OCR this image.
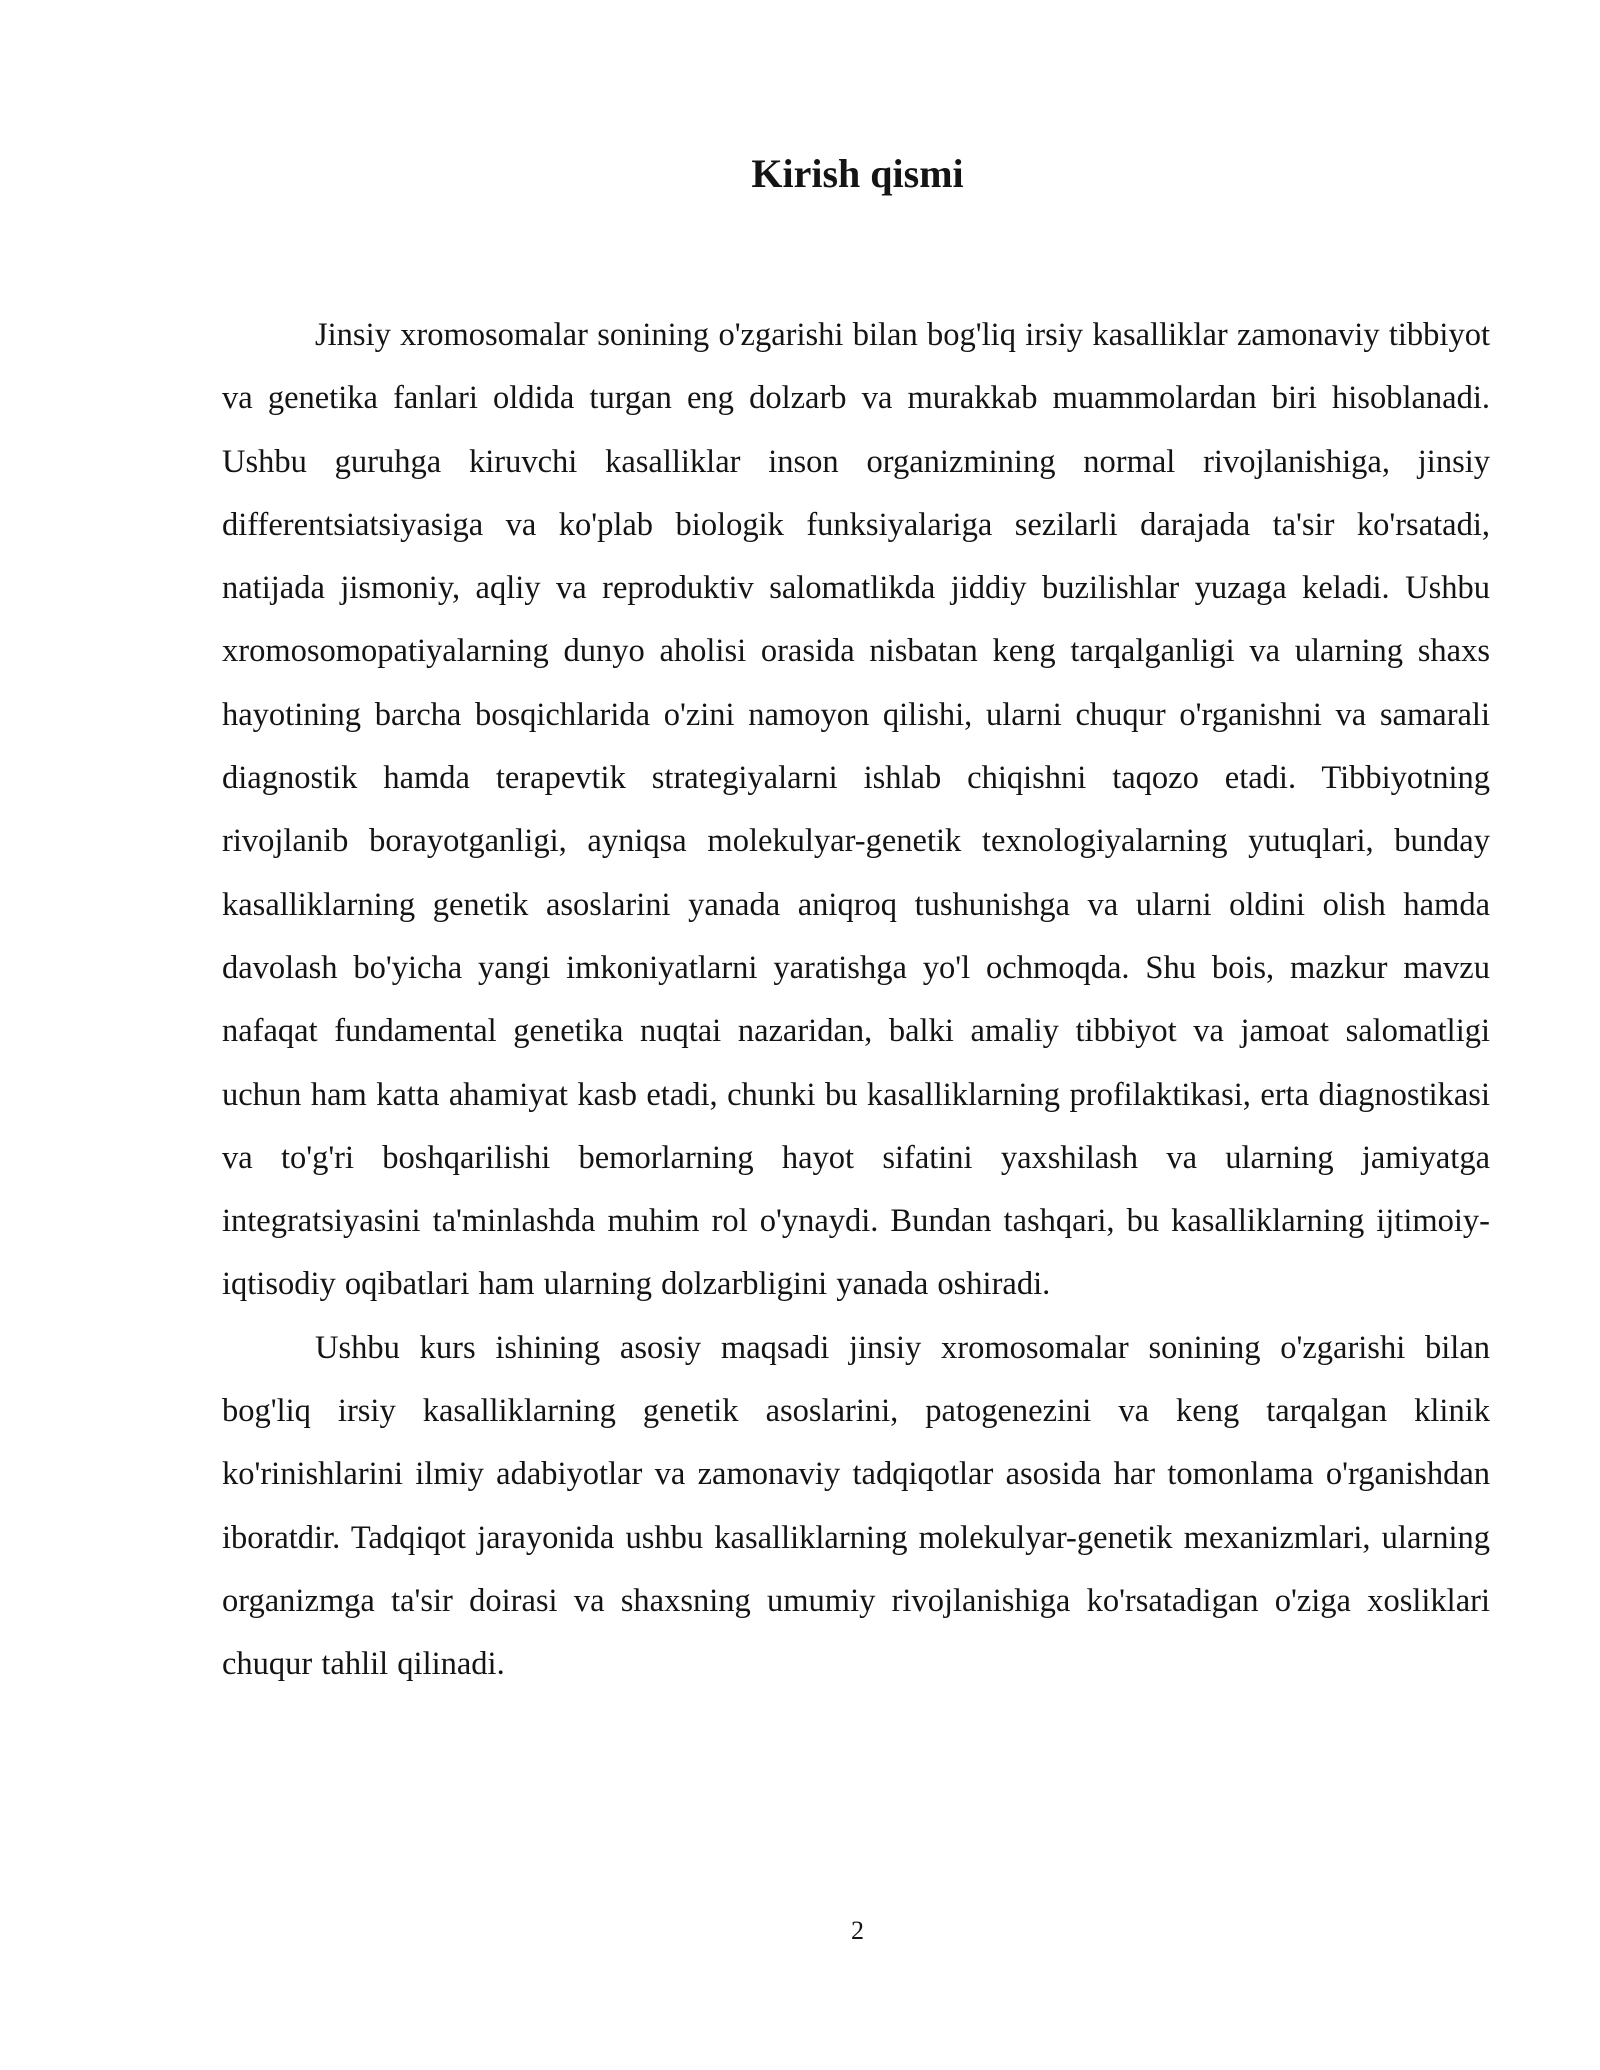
Kirish qismi

Jinsiy xromosomalar sonining o'zgarishi bilan bog'liq irsiy kasalliklar zamonaviy tibbiyot va genetika fanlari oldida turgan eng dolzarb va murakkab muammolardan biri hisoblanadi. Ushbu guruhga kiruvchi kasalliklar inson organizmining normal rivojlanishiga, jinsiy differentsiatsiyasiga va ko'plab biologik funksiyalariga sezilarli darajada ta'sir ko'rsatadi, natijada jismoniy, aqliy va reproduktiv salomatlikda jiddiy buzilishlar yuzaga keladi. Ushbu xromosomopatiyalarning dunyo aholisi orasida nisbatan keng tarqalganligi va ularning shaxs hayotining barcha bosqichlarida o'zini namoyon qilishi, ularni chuqur o'rganishni va samarali diagnostik hamda terapevtik strategiyalarni ishlab chiqishni taqozo etadi. Tibbiyotning rivojlanib borayotganligi, ayniqsa molekulyar-genetik texnologiyalarning yutuqlari, bunday kasalliklarning genetik asoslarini yanada aniqroq tushunishga va ularni oldini olish hamda davolash bo'yicha yangi imkoniyatlarni yaratishga yo'l ochmoqda. Shu bois, mazkur mavzu nafaqat fundamental genetika nuqtai nazaridan, balki amaliy tibbiyot va jamoat salomatligi uchun ham katta ahamiyat kasb etadi, chunki bu kasalliklarning profilaktikasi, erta diagnostikasi va to'g'ri boshqarilishi bemorlarning hayot sifatini yaxshilash va ularning jamiyatga integratsiyasini ta'minlashda muhim rol o'ynaydi. Bundan tashqari, bu kasalliklarning ijtimoiy-iqtisodiy oqibatlari ham ularning dolzarbligini yanada oshiradi.

Ushbu kurs ishining asosiy maqsadi jinsiy xromosomalar sonining o'zgarishi bilan bog'liq irsiy kasalliklarning genetik asoslarini, patogenezini va keng tarqalgan klinik ko'rinishlarini ilmiy adabiyotlar va zamonaviy tadqiqotlar asosida har tomonlama o'rganishdan iboratdir. Tadqiqot jarayonida ushbu kasalliklarning molekulyar-genetik mexanizmlari, ularning organizmga ta'sir doirasi va shaxsning umumiy rivojlanishiga ko'rsatadigan o'ziga xosliklari chuqur tahlil qilinadi.

2
